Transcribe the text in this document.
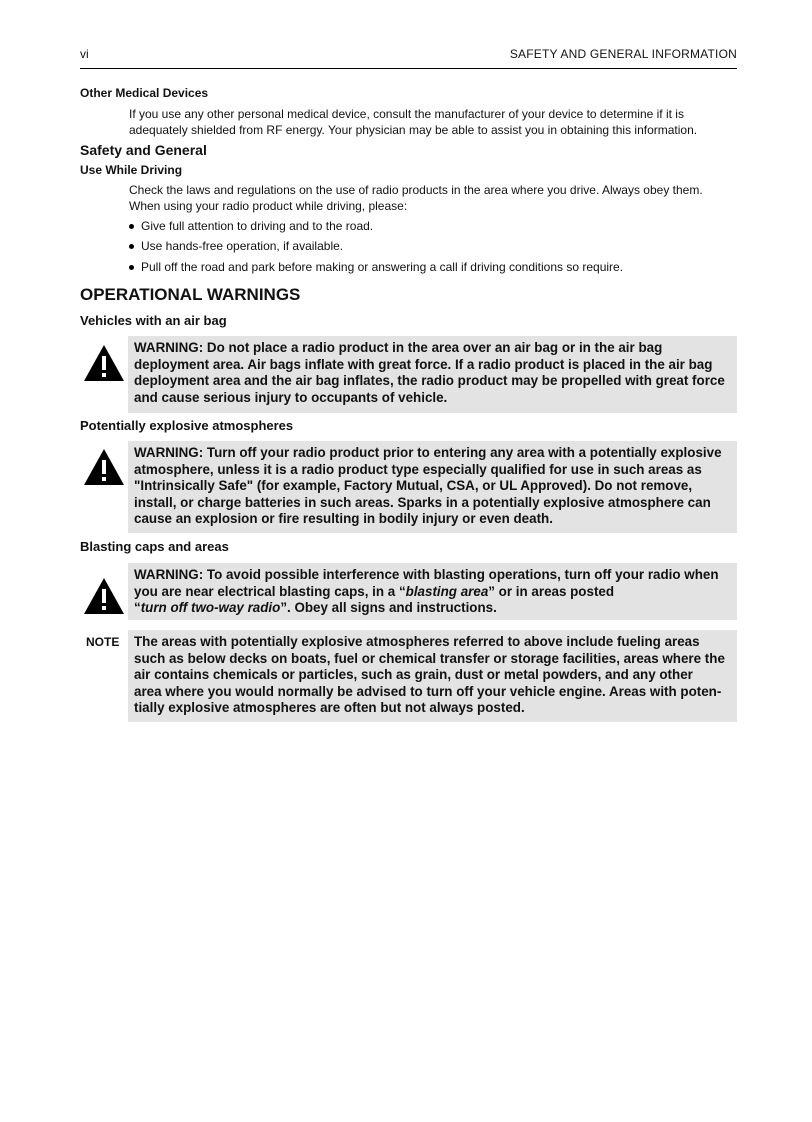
vi	SAFETY AND GENERAL INFORMATION
Other Medical Devices
If you use any other personal medical device, consult the manufacturer of your device to determine if it is
adequately shielded from RF energy. Your physician may be able to assist you in obtaining this information.
Safety and General
Use While Driving
Check the laws and regulations on the use of radio products in the area where you drive. Always obey them.
When using your radio product while driving, please:
Give full attention to driving and to the road.
Use hands-free operation, if available.
Pull off the road and park before making or answering a call if driving conditions so require.
OPERATIONAL WARNINGS
Vehicles with an air bag
WARNING: Do not place a radio product in the area over an air bag or in the air bag
deployment area. Air bags inflate with great force. If a radio product is placed in the air bag
deployment area and the air bag inflates, the radio product may be propelled with great force
and cause serious injury to occupants of vehicle.
Potentially explosive atmospheres
WARNING: Turn off your radio product prior to entering any area with a potentially explosive
atmosphere, unless it is a radio product type especially qualified for use in such areas as
"Intrinsically Safe" (for example, Factory Mutual, CSA, or UL Approved). Do not remove,
install, or charge batteries in such areas. Sparks in a potentially explosive atmosphere can
cause an explosion or fire resulting in bodily injury or even death.
Blasting caps and areas
WARNING: To avoid possible interference with blasting operations, turn off your radio when
you are near electrical blasting caps, in a “blasting area” or in areas posted
“turn off two-way radio”. Obey all signs and instructions.
NOTE The areas with potentially explosive atmospheres referred to above include fueling areas
such as below decks on boats, fuel or chemical transfer or storage facilities, areas where the
air contains chemicals or particles, such as grain, dust or metal powders, and any other
area where you would normally be advised to turn off your vehicle engine. Areas with poten-
tially explosive atmospheres are often but not always posted.
